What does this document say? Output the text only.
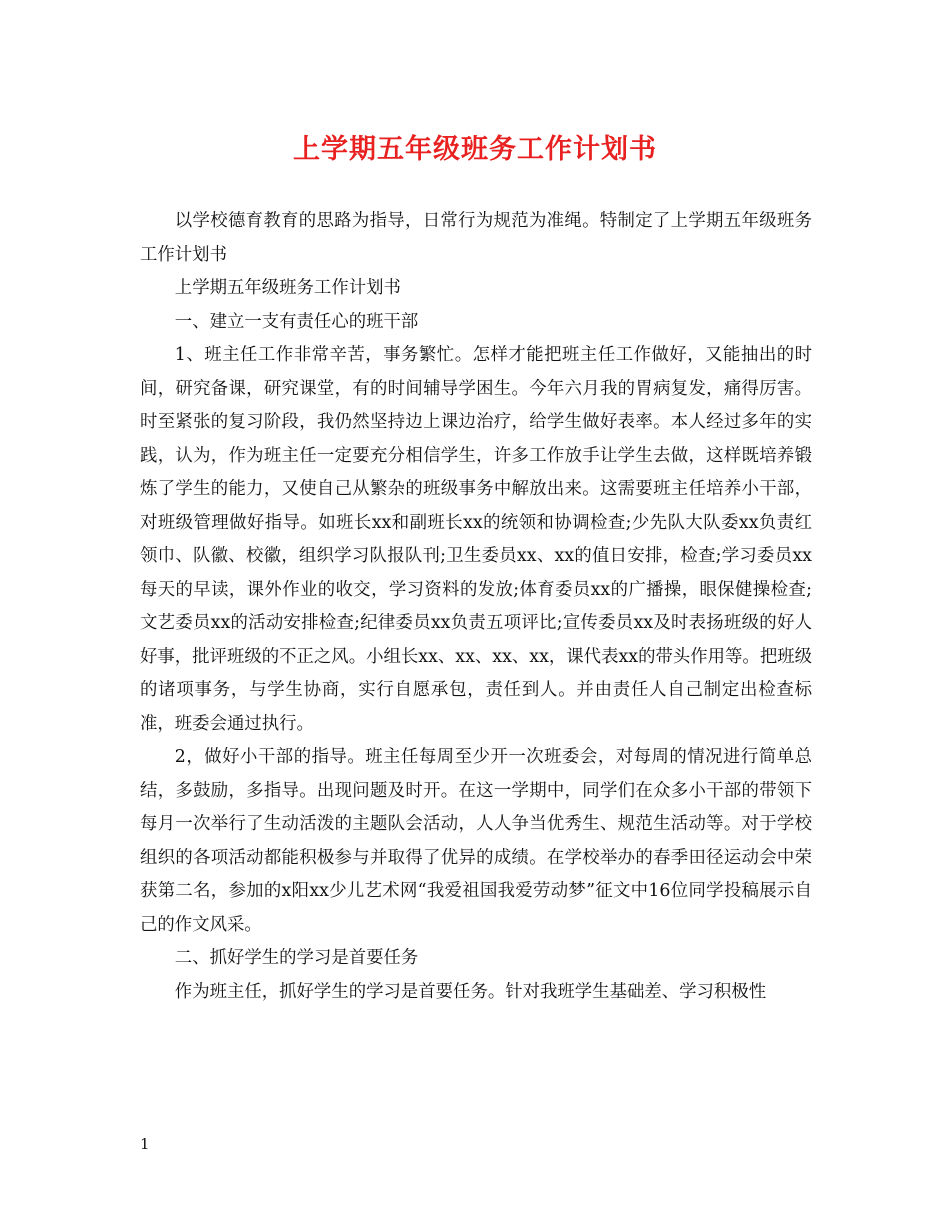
上学期五年级班务工作计划书

以学校德育教育的思路为指导，日常行为规范为准绳。特制定了上学期五年级班务工作计划书

上学期五年级班务工作计划书

一、建立一支有责任心的班干部

1、班主任工作非常辛苦，事务繁忙。怎样才能把班主任工作做好，又能抽出的时间，研究备课，研究课堂，有的时间辅导学困生。今年六月我的胃病复发，痛得厉害。时至紧张的复习阶段，我仍然坚持边上课边治疗，给学生做好表率。本人经过多年的实践，认为，作为班主任一定要充分相信学生，许多工作放手让学生去做，这样既培养锻炼了学生的能力，又使自己从繁杂的班级事务中解放出来。这需要班主任培养小干部，对班级管理做好指导。如班长xx和副班长xx的统领和协调检查;少先队大队委xx负责红领巾、队徽、校徽，组织学习队报队刊;卫生委员xx、xx的值日安排，检查;学习委员xx每天的早读，课外作业的收交，学习资料的发放;体育委员xx的广播操，眼保健操检查;文艺委员xx的活动安排检查;纪律委员xx负责五项评比;宣传委员xx及时表扬班级的好人好事，批评班级的不正之风。小组长xx、xx、xx、xx，课代表xx的带头作用等。把班级的诸项事务，与学生协商，实行自愿承包，责任到人。并由责任人自己制定出检查标准，班委会通过执行。

2，做好小干部的指导。班主任每周至少开一次班委会，对每周的情况进行简单总结，多鼓励，多指导。出现问题及时开。在这一学期中，同学们在众多小干部的带领下每月一次举行了生动活泼的主题队会活动，人人争当优秀生、规范生活动等。对于学校组织的各项活动都能积极参与并取得了优异的成绩。在学校举办的春季田径运动会中荣获第二名，参加的x阳xx少儿艺术网“我爱祖国我爱劳动梦”征文中16位同学投稿展示自己的作文风采。

二、抓好学生的学习是首要任务

作为班主任，抓好学生的学习是首要任务。针对我班学生基础差、学习积极性

1
